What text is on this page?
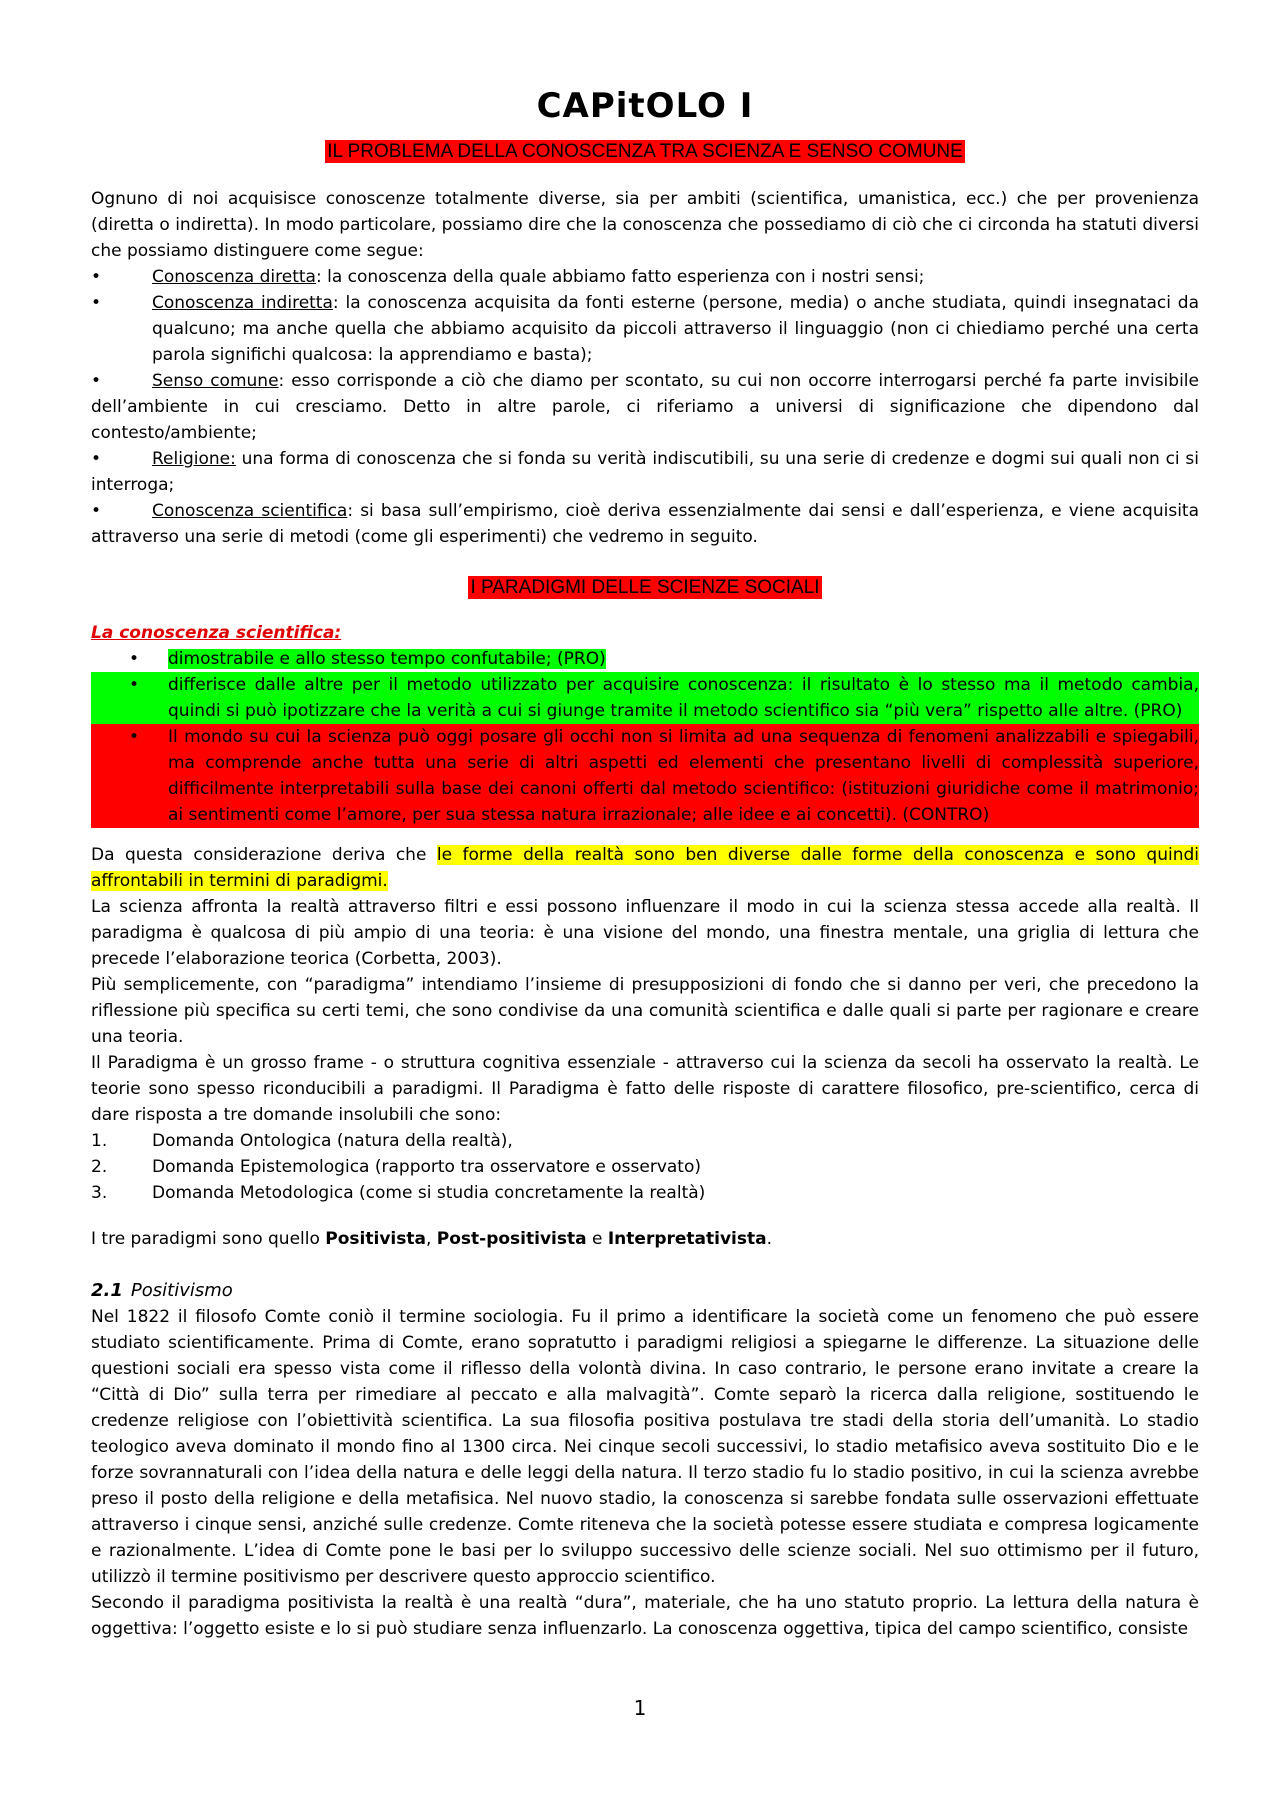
CAPitOLO I
IL PROBLEMA DELLA CONOSCENZA TRA SCIENZA E SENSO COMUNE

Ognuno di noi acquisisce conoscenze totalmente diverse, sia per ambiti (scientifica, umanistica, ecc.) che per provenienza (diretta o indiretta). In modo particolare, possiamo dire che la conoscenza che possediamo di ciò che ci circonda ha statuti diversi che possiamo distinguere come segue:

•	Conoscenza diretta: la conoscenza della quale abbiamo fatto esperienza con i nostri sensi;
•	Conoscenza indiretta: la conoscenza acquisita da fonti esterne (persone, media) o anche studiata, quindi insegnataci da qualcuno; ma anche quella che abbiamo acquisito da piccoli attraverso il linguaggio (non ci chiediamo perché una certa parola significhi qualcosa: la apprendiamo e basta);
•	Senso comune: esso corrisponde a ciò che diamo per scontato, su cui non occorre interrogarsi perché fa parte invisibile dell’ambiente in cui cresciamo. Detto in altre parole, ci riferiamo a universi di significazione che dipendono dal contesto/ambiente;
•	Religione: una forma di conoscenza che si fonda su verità indiscutibili, su una serie di credenze e dogmi sui quali non ci si interroga;
•	Conoscenza scientifica: si basa sull’empirismo, cioè deriva essenzialmente dai sensi e dall’esperienza, e viene acquisita attraverso una serie di metodi (come gli esperimenti) che vedremo in seguito.
I PARADIGMI DELLE SCIENZE SOCIALI
La conoscenza scientifica:
• dimostrabile e allo stesso tempo confutabile; (PRO)
• differisce dalle altre per il metodo utilizzato per acquisire conoscenza: il risultato è lo stesso ma il metodo cambia, quindi si può ipotizzare che la verità a cui si giunge tramite il metodo scientifico sia “più vera” rispetto alle altre. (PRO)
• Il mondo su cui la scienza può oggi posare gli occhi non si limita ad una sequenza di fenomeni analizzabili e spiegabili, ma comprende anche tutta una serie di altri aspetti ed elementi che presentano livelli di complessità superiore, difficilmente interpretabili sulla base dei canoni offerti dal metodo scientifico: (istituzioni giuridiche come il matrimonio; ai sentimenti come l’amore, per sua stessa natura irrazionale; alle idee e ai concetti). (CONTRO)

Da questa considerazione deriva che le forme della realtà sono ben diverse dalle forme della conoscenza e sono quindi affrontabili in termini di paradigmi.

La scienza affronta la realtà attraverso filtri e essi possono influenzare il modo in cui la scienza stessa accede alla realtà. Il paradigma è qualcosa di più ampio di una teoria: è una visione del mondo, una finestra mentale, una griglia di lettura che precede l’elaborazione teorica (Corbetta, 2003).

Più semplicemente, con “paradigma” intendiamo l’insieme di presupposizioni di fondo che si danno per veri, che precedono la riflessione più specifica su certi temi, che sono condivise da una comunità scientifica e dalle quali si parte per ragionare e creare una teoria.

Il Paradigma è un grosso frame - o struttura cognitiva essenziale - attraverso cui la scienza da secoli ha osservato la realtà. Le teorie sono spesso riconducibili a paradigmi. Il Paradigma è fatto delle risposte di carattere filosofico, pre-scientifico, cerca di dare risposta a tre domande insolubili che sono:

1.	Domanda Ontologica (natura della realtà),
2.	Domanda Epistemologica (rapporto tra osservatore e osservato)
3.	Domanda Metodologica (come si studia concretamente la realtà)

I tre paradigmi sono quello Positivista, Post-positivista e Interpretativista.

2.1 Positivismo

Nel 1822 il filosofo Comte coniò il termine sociologia. Fu il primo a identificare la società come un fenomeno che può essere studiato scientificamente. Prima di Comte, erano sopratutto i paradigmi religiosi a spiegarne le differenze. La situazione delle questioni sociali era spesso vista come il riflesso della volontà divina. In caso contrario, le persone erano invitate a creare la “Città di Dio” sulla terra per rimediare al peccato e alla malvagità”. Comte separò la ricerca dalla religione, sostituendo le credenze religiose con l’obiettività scientifica. La sua filosofia positiva postulava tre stadi della storia dell’umanità. Lo stadio teologico aveva dominato il mondo fino al 1300 circa. Nei cinque secoli successivi, lo stadio metafisico aveva sostituito Dio e le forze sovrannaturali con l’idea della natura e delle leggi della natura. Il terzo stadio fu lo stadio positivo, in cui la scienza avrebbe preso il posto della religione e della metafisica. Nel nuovo stadio, la conoscenza si sarebbe fondata sulle osservazioni effettuate attraverso i cinque sensi, anziché sulle credenze. Comte riteneva che la società potesse essere studiata e compresa logicamente e razionalmente. L’idea di Comte pone le basi per lo sviluppo successivo delle scienze sociali. Nel suo ottimismo per il futuro, utilizzò il termine positivismo per descrivere questo approccio scientifico.

Secondo il paradigma positivista la realtà è una realtà “dura”, materiale, che ha uno statuto proprio. La lettura della natura è oggettiva: l’oggetto esiste e lo si può studiare senza influenzarlo. La conoscenza oggettiva, tipica del campo scientifico, consiste

1
